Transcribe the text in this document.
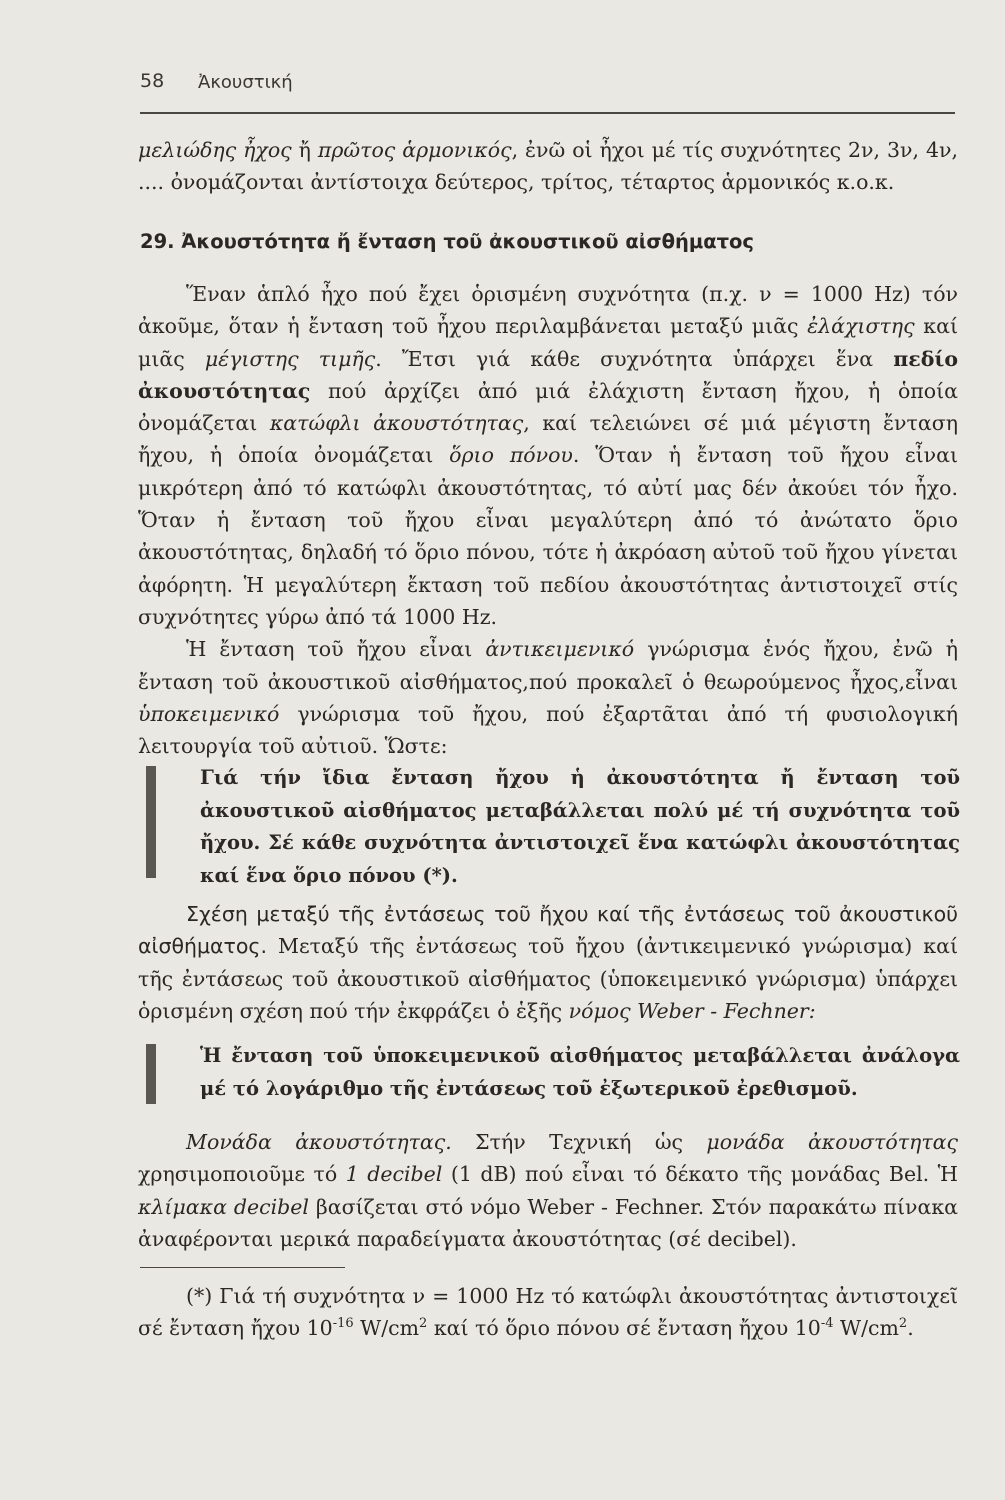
58 Ἀκουστική

μελιώδης ἦχος ἤ πρῶτος ἁρμονικός, ἐνῶ οἱ ἦχοι μέ τίς συχνότητες 2ν, 3ν, 4ν, .... ὀνομάζονται ἀντίστοιχα δεύτερος, τρίτος, τέταρτος ἁρμονικός κ.ο.κ.

29. Ἀκουστότητα ἤ ἔνταση τοῦ ἀκουστικοῦ αἰσθήματος

Ἕναν ἁπλό ἦχο πού ἔχει ὁρισμένη συχνότητα (π.χ. ν = 1000 Hz) τόν ἀκοῦμε, ὅταν ἡ ἔνταση τοῦ ἦχου περιλαμβάνεται μεταξύ μιᾶς ἐλάχιστης καί μιᾶς μέγιστης τιμῆς. Ἔτσι γιά κάθε συχνότητα ὑπάρχει ἕνα πεδίο ἀκουστότητας πού ἀρχίζει ἀπό μιά ἐλάχιστη ἔνταση ἤχου, ἡ ὁποία ὀνομάζεται κατώφλι ἀκουστότητας, καί τελειώνει σέ μιά μέγιστη ἔνταση ἤχου, ἡ ὁποία ὀνομάζεται ὅριο πόνου. Ὅταν ἡ ἔνταση τοῦ ἤχου εἶναι μικρότερη ἀπό τό κατώφλι ἀκουστότητας, τό αὐτί μας δέν ἀκούει τόν ἦχο. Ὅταν ἡ ἔνταση τοῦ ἤχου εἶναι μεγαλύτερη ἀπό τό ἀνώτατο ὅριο ἀκουστότητας, δηλαδή τό ὅριο πόνου, τότε ἡ ἀκρόαση αὐτοῦ τοῦ ἤχου γίνεται ἀφόρητη. Ἡ μεγαλύτερη ἔκταση τοῦ πεδίου ἀκουστότητας ἀντιστοιχεῖ στίς συχνότητες γύρω ἀπό τά 1000 Hz.

Ἡ ἔνταση τοῦ ἤχου εἶναι ἀντικειμενικό γνώρισμα ἑνός ἤχου, ἐνῶ ἡ ἔνταση τοῦ ἀκουστικοῦ αἰσθήματος,πού προκαλεῖ ὁ θεωρούμενος ἦχος,εἶναι ὑποκειμενικό γνώρισμα τοῦ ἤχου, πού ἐξαρτᾶται ἀπό τή φυσιολογική λειτουργία τοῦ αὐτιοῦ. Ὥστε:

Γιά τήν ἴδια ἔνταση ἤχου ἡ ἀκουστότητα ἤ ἔνταση τοῦ ἀκουστικοῦ αἰσθήματος μεταβάλλεται πολύ μέ τή συχνότητα τοῦ ἤχου. Σέ κάθε συχνότητα ἀντιστοιχεῖ ἕνα κατώφλι ἀκουστότητας καί ἕνα ὅριο πόνου (*).

Σχέση μεταξύ τῆς ἐντάσεως τοῦ ἤχου καί τῆς ἐντάσεως τοῦ ἀκουστικοῦ αἰσθήματος. Μεταξύ τῆς ἐντάσεως τοῦ ἤχου (ἀντικειμενικό γνώρισμα) καί τῆς ἐντάσεως τοῦ ἀκουστικοῦ αἰσθήματος (ὑποκειμενικό γνώρισμα) ὑπάρχει ὁρισμένη σχέση πού τήν ἐκφράζει ὁ ἑξῆς νόμος Weber - Fechner:

Ἡ ἔνταση τοῦ ὑποκειμενικοῦ αἰσθήματος μεταβάλλεται ἀνάλογα μέ τό λογάριθμο τῆς ἐντάσεως τοῦ ἐξωτερικοῦ ἐρεθισμοῦ.

Μονάδα ἀκουστότητας. Στήν Τεχνική ὡς μονάδα ἀκουστότητας χρησιμοποιοῦμε τό 1 decibel (1 dB) πού εἶναι τό δέκατο τῆς μονάδας Bel. Ἡ κλίμακα decibel βασίζεται στό νόμο Weber - Fechner. Στόν παρακάτω πίνακα ἀναφέρονται μερικά παραδείγματα ἀκουστότητας (σέ decibel).

(*) Γιά τή συχνότητα ν = 1000 Hz τό κατώφλι ἀκουστότητας ἀντιστοιχεῖ σέ ἔνταση ἤχου $10^{-16}$ $W/cm^2$ καί τό ὅριο πόνου σέ ἔνταση ἤχου $10^{-4}$ $W/cm^2$.
